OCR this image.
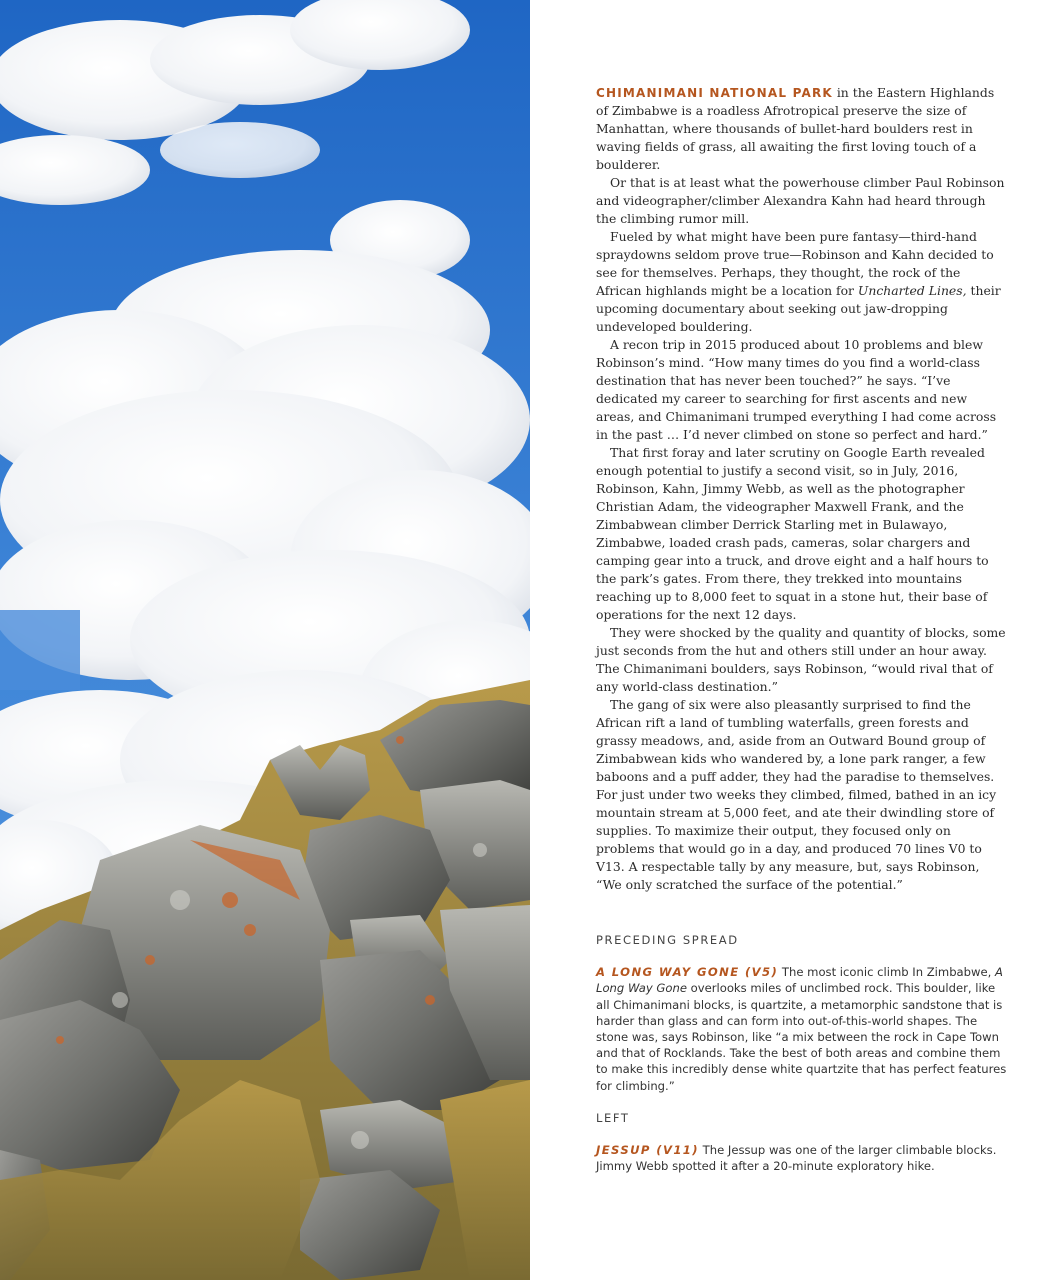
CHIMANIMANI NATIONAL PARK in the Eastern Highlands of Zimbabwe is a roadless Afrotropical preserve the size of Manhattan, where thousands of bullet-hard boulders rest in waving fields of grass, all awaiting the first loving touch of a boulderer.

Or that is at least what the powerhouse climber Paul Robinson and videographer/climber Alexandra Kahn had heard through the climbing rumor mill.

Fueled by what might have been pure fantasy—third-hand spraydowns seldom prove true—Robinson and Kahn decided to see for themselves. Perhaps, they thought, the rock of the African highlands might be a location for Uncharted Lines, their upcoming documentary about seeking out jaw-dropping undeveloped bouldering.

A recon trip in 2015 produced about 10 problems and blew Robinson’s mind. “How many times do you find a world-class destination that has never been touched?” he says. “I’ve dedicated my career to searching for first ascents and new areas, and Chimanimani trumped everything I had come across in the past … I’d never climbed on stone so perfect and hard.”

That first foray and later scrutiny on Google Earth revealed enough potential to justify a second visit, so in July, 2016, Robinson, Kahn, Jimmy Webb, as well as the photographer Christian Adam, the videographer Maxwell Frank, and the Zimbabwean climber Derrick Starling met in Bulawayo, Zimbabwe, loaded crash pads, cameras, solar chargers and camping gear into a truck, and drove eight and a half hours to the park’s gates. From there, they trekked into mountains reaching up to 8,000 feet to squat in a stone hut, their base of operations for the next 12 days.

They were shocked by the quality and quantity of blocks, some just seconds from the hut and others still under an hour away. The Chimanimani boulders, says Robinson, “would rival that of any world-class destination.”

The gang of six were also pleasantly surprised to find the African rift a land of tumbling waterfalls, green forests and grassy meadows, and, aside from an Outward Bound group of Zimbabwean kids who wandered by, a lone park ranger, a few baboons and a puff adder, they had the paradise to themselves. For just under two weeks they climbed, filmed, bathed in an icy mountain stream at 5,000 feet, and ate their dwindling store of supplies. To maximize their output, they focused only on problems that would go in a day, and produced 70 lines V0 to V13. A respectable tally by any measure, but, says Robinson, “We only scratched the surface of the potential.”

PRECEDING SPREAD

A LONG WAY GONE (V5) The most iconic climb In Zimbabwe, A Long Way Gone overlooks miles of unclimbed rock. This boulder, like all Chimanimani blocks, is quartzite, a metamorphic sandstone that is harder than glass and can form into out-of-this-world shapes. The stone was, says Robinson, like “a mix between the rock in Cape Town and that of Rocklands. Take the best of both areas and combine them to make this incredibly dense white quartzite that has perfect features for climbing.”

LEFT

JESSUP (V11) The Jessup was one of the larger climbable blocks. Jimmy Webb spotted it after a 20-minute exploratory hike.
